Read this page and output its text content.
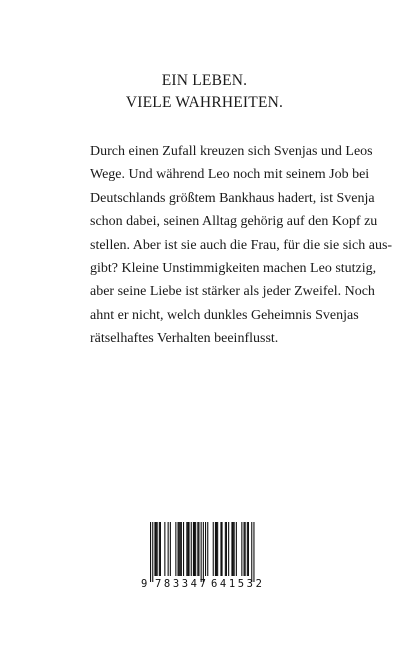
EIN LEBEN.
VIELE WAHRHEITEN.

Durch einen Zufall kreuzen sich Svenjas und Leos
Wege. Und während Leo noch mit seinem Job bei
Deutschlands größtem Bankhaus hadert, ist Svenja
schon dabei, seinen Alltag gehörig auf den Kopf zu
stellen. Aber ist sie auch die Frau, für die sie sich aus-
gibt? Kleine Unstimmigkeiten machen Leo stutzig,
aber seine Liebe ist stärker als jeder Zweifel. Noch
ahnt er nicht, welch dunkles Geheimnis Svenjas
rätselhaftes Verhalten beeinflusst.

9 783347 641532
